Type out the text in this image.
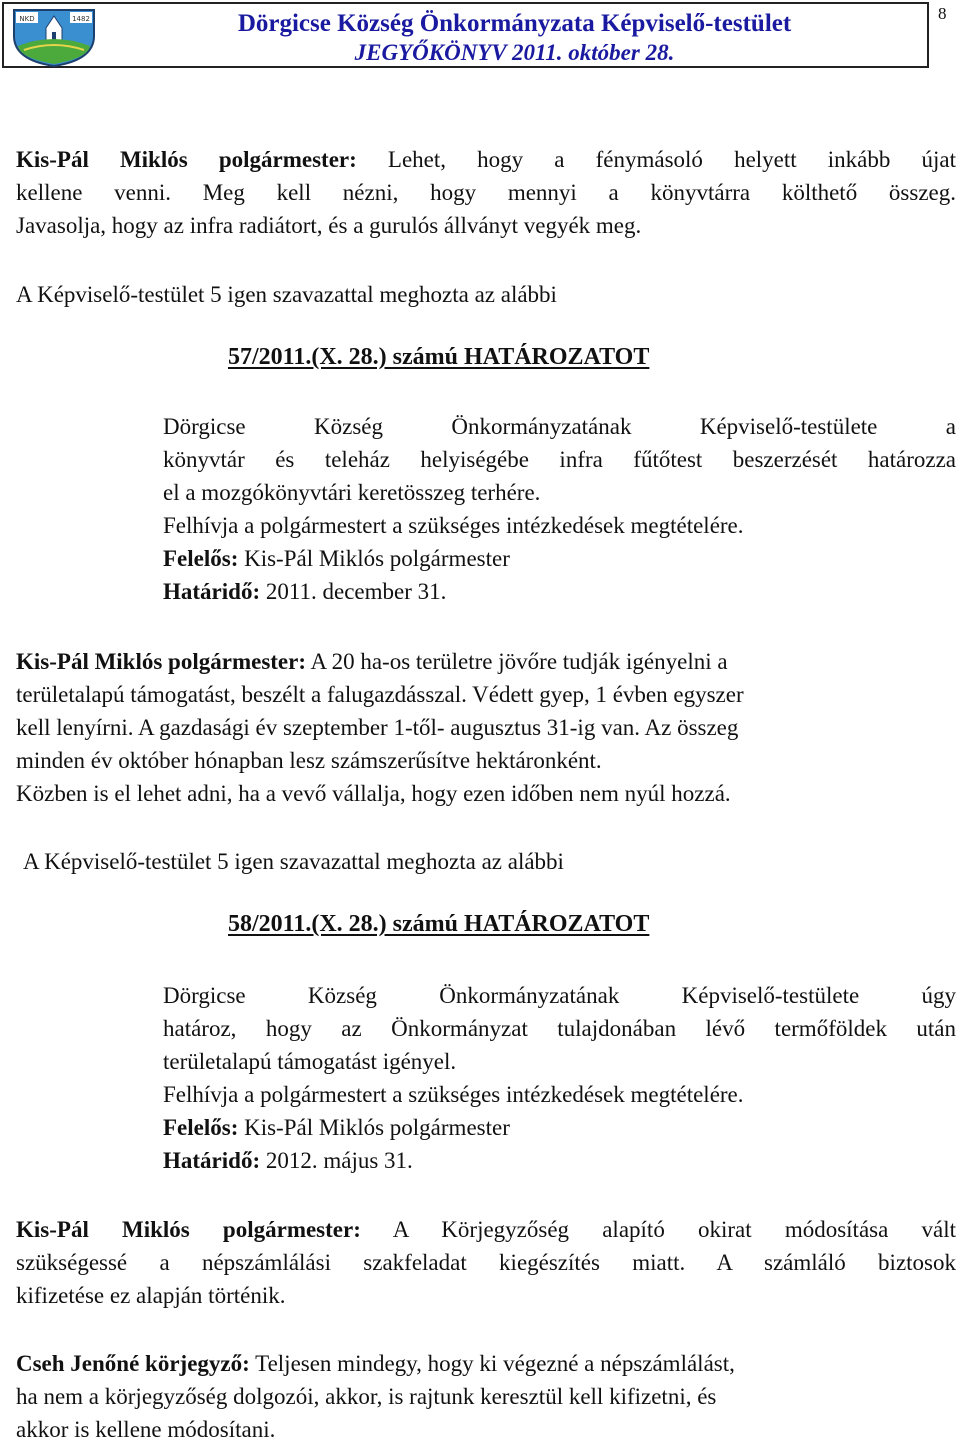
NKD	1482	Dörgicse Község Önkormányzata Képviselő-testület
JEGYŐKÖNYV 2011. október 28.
8
Kis-Pál Miklós polgármester: Lehet, hogy a fénymásoló helyett inkább újat
kellene venni. Meg kell nézni, hogy mennyi a könyvtárra költhető összeg.
Javasolja, hogy az infra radiátort, és a gurulós állványt vegyék meg.
A Képviselő-testület 5 igen szavazattal meghozta az alábbi
57/2011.(X. 28.) számú HATÁROZATOT
Dörgicse Község Önkormányzatának Képviselő-testülete a
könyvtár és teleház helyiségébe infra fűtőtest beszerzését határozza
el a mozgókönyvtári keretösszeg terhére.
Felhívja a polgármestert a szükséges intézkedések megtételére.
Felelős: Kis-Pál Miklós polgármester
Határidő: 2011. december 31.
Kis-Pál Miklós polgármester: A 20 ha-os területre jövőre tudják igényelni a
területalapú támogatást, beszélt a falugazdásszal. Védett gyep, 1 évben egyszer
kell lenyírni. A gazdasági év szeptember 1-től- augusztus 31-ig van. Az összeg
minden év október hónapban lesz számszerűsítve hektáronként.
Közben is el lehet adni, ha a vevő vállalja, hogy ezen időben nem nyúl hozzá.
A Képviselő-testület 5 igen szavazattal meghozta az alábbi
58/2011.(X. 28.) számú HATÁROZATOT
Dörgicse Község Önkormányzatának Képviselő-testülete úgy
határoz, hogy az Önkormányzat tulajdonában lévő termőföldek után
területalapú támogatást igényel.
Felhívja a polgármestert a szükséges intézkedések megtételére.
Felelős: Kis-Pál Miklós polgármester
Határidő: 2012. május 31.
Kis-Pál Miklós polgármester: A Körjegyzőség alapító okirat módosítása vált
szükségessé a népszámlálási szakfeladat kiegészítés miatt. A számláló biztosok
kifizetése ez alapján történik.
Cseh Jenőné körjegyző: Teljesen mindegy, hogy ki végezné a népszámlálást,
ha nem a körjegyzőség dolgozói, akkor, is rajtunk keresztül kell kifizetni, és
akkor is kellene módosítani.
